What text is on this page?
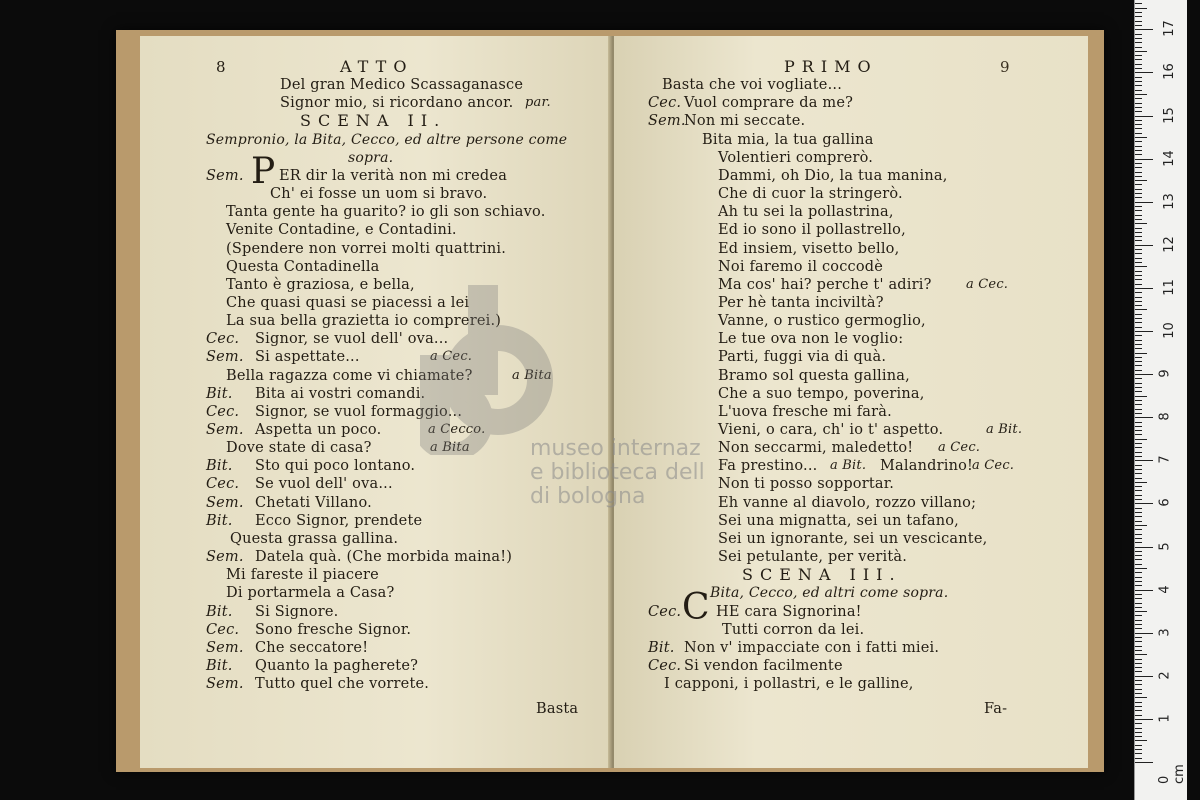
8	ATTO
Del gran Medico Scassaganasce
Signor mio, si ricordano ancor. par.
SCENA II.
Sempronio, la Bita, Cecco, ed altre persone come
sopra.
Sem. P ER dir la verità non mi credea
Ch' ei fosse un uom si bravo.
Tanta gente ha guarito? io gli son schiavo.
Venite Contadine, e Contadini.
(Spendere non vorrei molti quattrini.
Questa Contadinella
Tanto è graziosa, e bella,
Che quasi quasi se piacessi a lei
La sua bella grazietta io comprerei.)
Cec. Signor, se vuol dell' ova...
Sem. Si aspettate...	a Cec.
Bella ragazza come vi chiamate?	a Bita
Bit. Bita ai vostri comandi.
Cec. Signor, se vuol formaggio...
Sem. Aspetta un poco.	a Cecco.
Dove state di casa?	a Bita
Bit. Sto qui poco lontano.
Cec. Se vuol dell' ova...
Sem. Chetati Villano.
Bit. Ecco Signor, prendete
Questa grassa gallina.
Sem. Datela quà. (Che morbida maina!)
Mi fareste il piacere
Di portarmela a Casa?
Bit. Si Signore.
Cec. Sono fresche Signor.
Sem. Che seccatore!
Bit. Quanto la pagherete?
Sem. Tutto quel che vorrete.
Basta
PRIMO	9
Basta che voi vogliate...
Cec. Vuol comprare da me?
Sem.
Non mi seccate.
Bita mia, la tua gallina
Volentieri comprerò.
Dammi, oh Dio, la tua manina,
Che di cuor la stringerò.
Ah tu sei la pollastrina,
Ed io sono il pollastrello,
Ed insiem, visetto bello,
Noi faremo il coccodè
Ma cos' hai? perche t' adiri?	a Cec.
Per hè tanta inciviltà?
Vanne, o rustico germoglio,
Le tue ova non le voglio:
Parti, fuggi via di quà.
Bramo sol questa gallina,
Che a suo tempo, poverina,
L'uova fresche mi farà.
Vieni, o cara, ch' io t' aspetto.	a Bit.
Non seccarmi, maledetto! a Cec.
Fa prestino... a Bit. Malandrino!
a Cec.
Non ti posso sopportar.
Eh vanne al diavolo, rozzo villano;
Sei una mignatta, sei un tafano,
Sei un ignorante, sei un vescicante,
Sei petulante, per verità.
SCENA III.
Bita, Cecco, ed altri come sopra.
Cec. C HE cara Signorina!
Tutti corron da lei.
Bit. Non v' impacciate con i fatti miei.
Cec. Si vendon facilmente
I capponi, i pollastri, e le galline,
Fa-
museo internaz
e biblioteca dell
di bologna
0 cm
1
2
3
4
5
6
7
8
9
10
11
12
13
14
15
16
17
